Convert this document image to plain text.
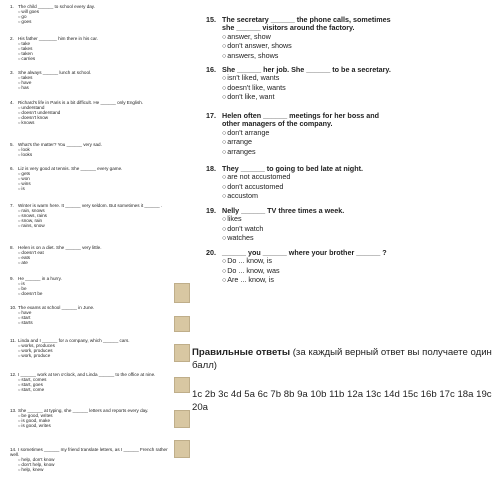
1. The child ______ to school every day.
○ will goes
○ go
○ goes
2. His father _______ him there in his car.
○ take
○ takes
○ taken
○ carries
3. She always ______ lunch at school.
○ takes
○ have
○ has
4. Richard's life in Paris is a bit difficult. He ______ only English.
○ understand
○ doesn't understand
○ doesn't know
○ knows
5. What's the matter? You ______ very sad.
○ look
○ looks
6. Liz is very good at tennis. She ______ every game.
○ gets
○ won
○ wins
○ is
7. Winter is warm here. It ______ very seldom. But sometimes it ______ .
○ rain, snows
○ snows, rains
○ snow, rain
○ rains, snow
8. Helen is on a diet. She ______ very little.
○ doesn't eat
○ eats
○ ate
9. He ______ in a hurry.
○ is
○ be
○ doesn't be
10. The exams at school ______ in June.
○ have
○ start
○ starts
11. Linda and I ______ for a company, which ______ cars.
○ works, produces
○ work, produces
○ work, produce
12. I ______ work at ten o'clock, and Linda ______ to the office at nine.
○ start, comes
○ start, goes
○ start, come
13. She ______ at typing, she ______ letters and reports every day.
○ be good, writes
○ is good, make
○ is good, writes
14. I sometimes ______ my friend translate letters, as I ______ French rather well.
○ help, don't know
○ don't help, know
○ help, knew
15. The secretary ______ the phone calls, sometimes
she ______ visitors around the factory.
○ answer, show
○ don't answer, shows
○ answers, shows
16. She ______ her job. She ______ to be a secretary.
○ isn't liked, wants
○ doesn't like, wants
○ don't like, want
17. Helen often ______ meetings for her boss and
other managers of the company.
○ don't arrange
○ arrange
○ arranges
18. They ______ to going to bed late at night.
○ are not accustomed
○ don't accustomed
○ accustom
19. Nelly ______ TV three times a week.
○ likes
○ don't watch
○ watches
20. ______ you ______ where your brother ______ ?
○ Do ... know, is
○ Do ... know, was
○ Are ... know, is
Правильные ответы (за каждый верный ответ вы получаете один балл)
1c 2b 3c 4d 5a 6c 7b 8b 9a 10b 11b 12a 13c 14d 15c 16b 17c 18a 19c 20a
